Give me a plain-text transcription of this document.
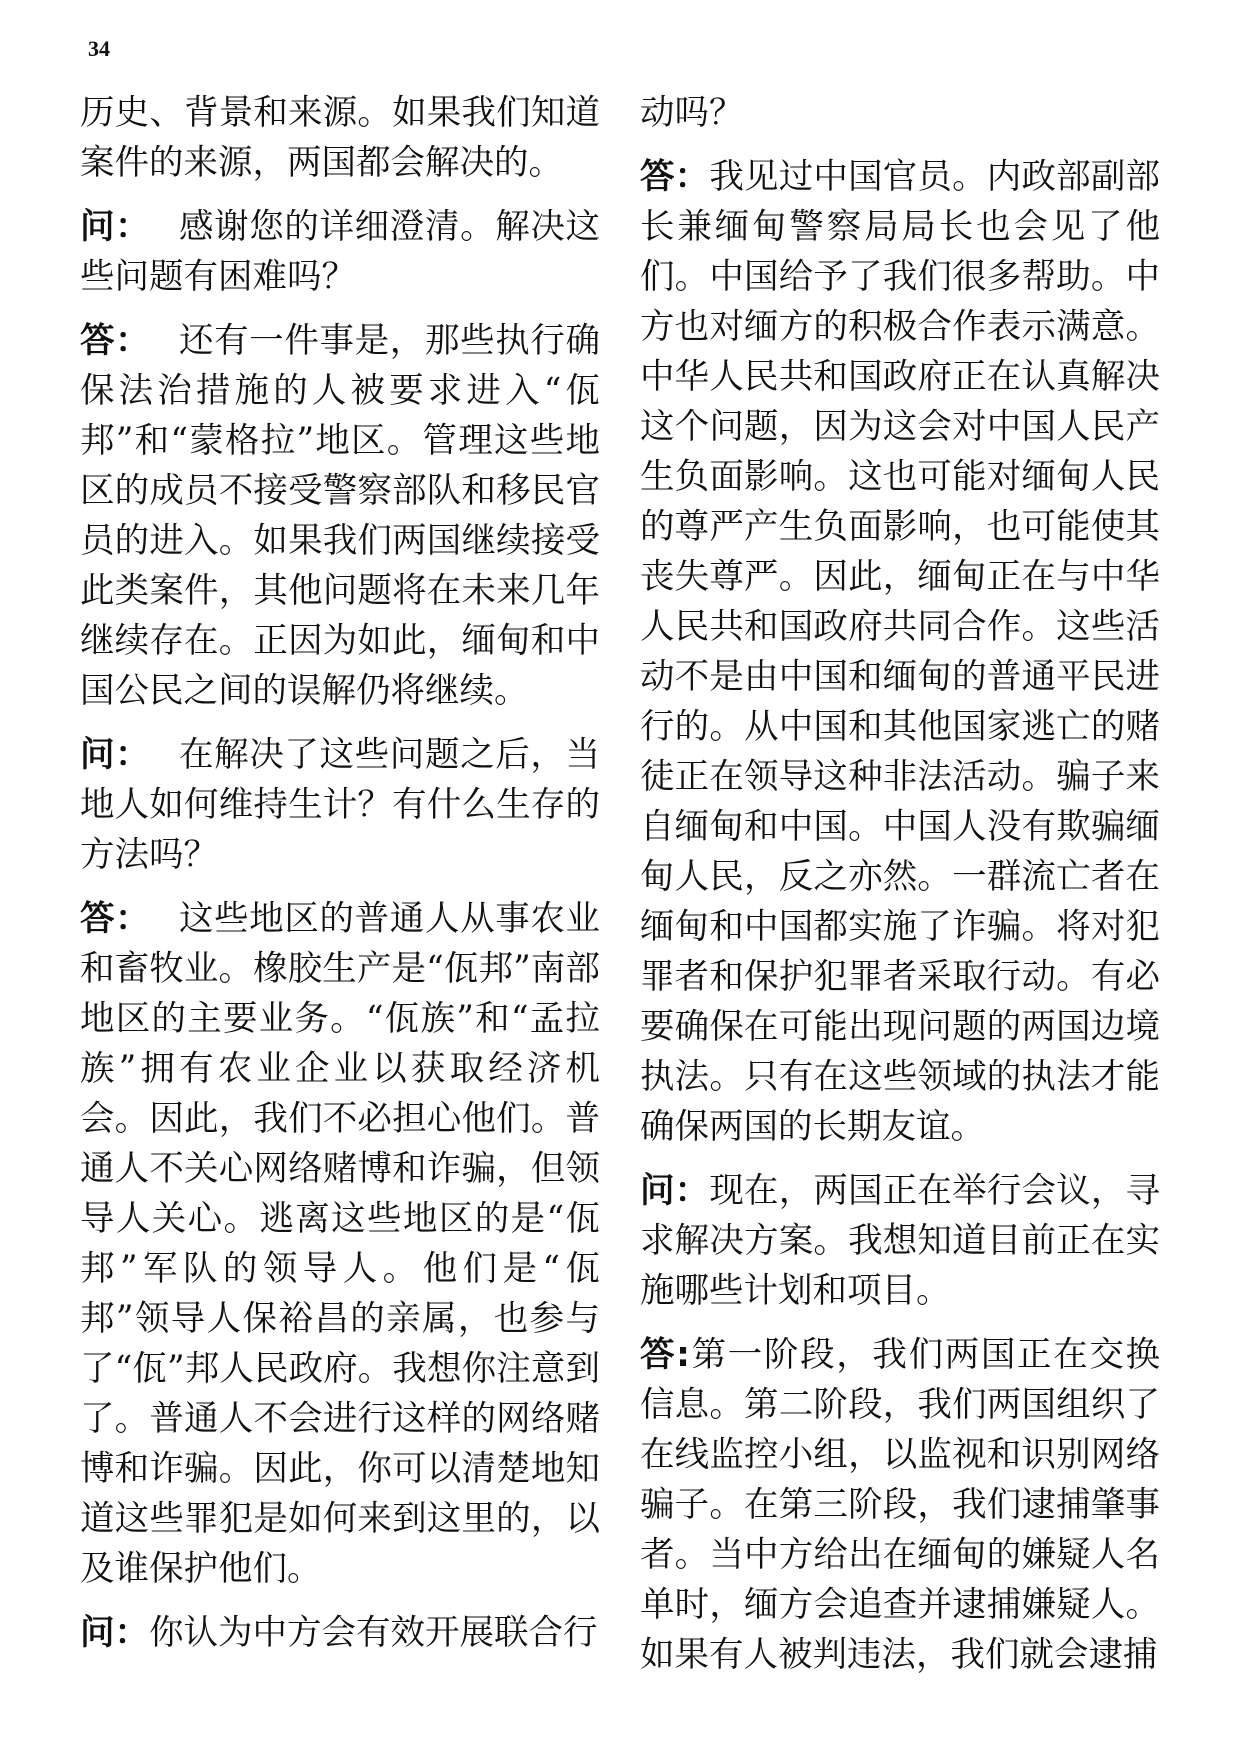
34

历史、背景和来源。如果我们知道案件的来源，两国都会解决的。

问： 感谢您的详细澄清。解决这些问题有困难吗？

答： 还有一件事是，那些执行确保法治措施的人被要求进入“佤邦”和“蒙格拉”地区。管理这些地区的成员不接受警察部队和移民官员的进入。如果我们两国继续接受此类案件，其他问题将在未来几年继续存在。正因为如此，缅甸和中国公民之间的误解仍将继续。

问： 在解决了这些问题之后，当地人如何维持生计？有什么生存的方法吗？

答： 这些地区的普通人从事农业和畜牧业。橡胶生产是“佤邦”南部地区的主要业务。“佤族”和“孟拉族”拥有农业企业以获取经济机会。因此，我们不必担心他们。普通人不关心网络赌博和诈骗，但领导人关心。逃离这些地区的是“佤邦”军队的领导人。他们是“佤邦”领导人保裕昌的亲属，也参与了“佤”邦人民政府。我想你注意到了。普通人不会进行这样的网络赌博和诈骗。因此，你可以清楚地知道这些罪犯是如何来到这里的，以及谁保护他们。

问：你认为中方会有效开展联合行

动吗？

答：我见过中国官员。内政部副部长兼缅甸警察局局长也会见了他们。中国给予了我们很多帮助。中方也对缅方的积极合作表示满意。中华人民共和国政府正在认真解决这个问题，因为这会对中国人民产生负面影响。这也可能对缅甸人民的尊严产生负面影响，也可能使其丧失尊严。因此，缅甸正在与中华人民共和国政府共同合作。这些活动不是由中国和缅甸的普通平民进行的。从中国和其他国家逃亡的赌徒正在领导这种非法活动。骗子来自缅甸和中国。中国人没有欺骗缅甸人民，反之亦然。一群流亡者在缅甸和中国都实施了诈骗。将对犯罪者和保护犯罪者采取行动。有必要确保在可能出现问题的两国边境执法。只有在这些领域的执法才能确保两国的长期友谊。

问：现在，两国正在举行会议，寻求解决方案。我想知道目前正在实施哪些计划和项目。

答:第一阶段，我们两国正在交换信息。第二阶段，我们两国组织了在线监控小组，以监视和识别网络骗子。在第三阶段，我们逮捕肇事者。当中方给出在缅甸的嫌疑人名单时，缅方会追查并逮捕嫌疑人。如果有人被判违法，我们就会逮捕
